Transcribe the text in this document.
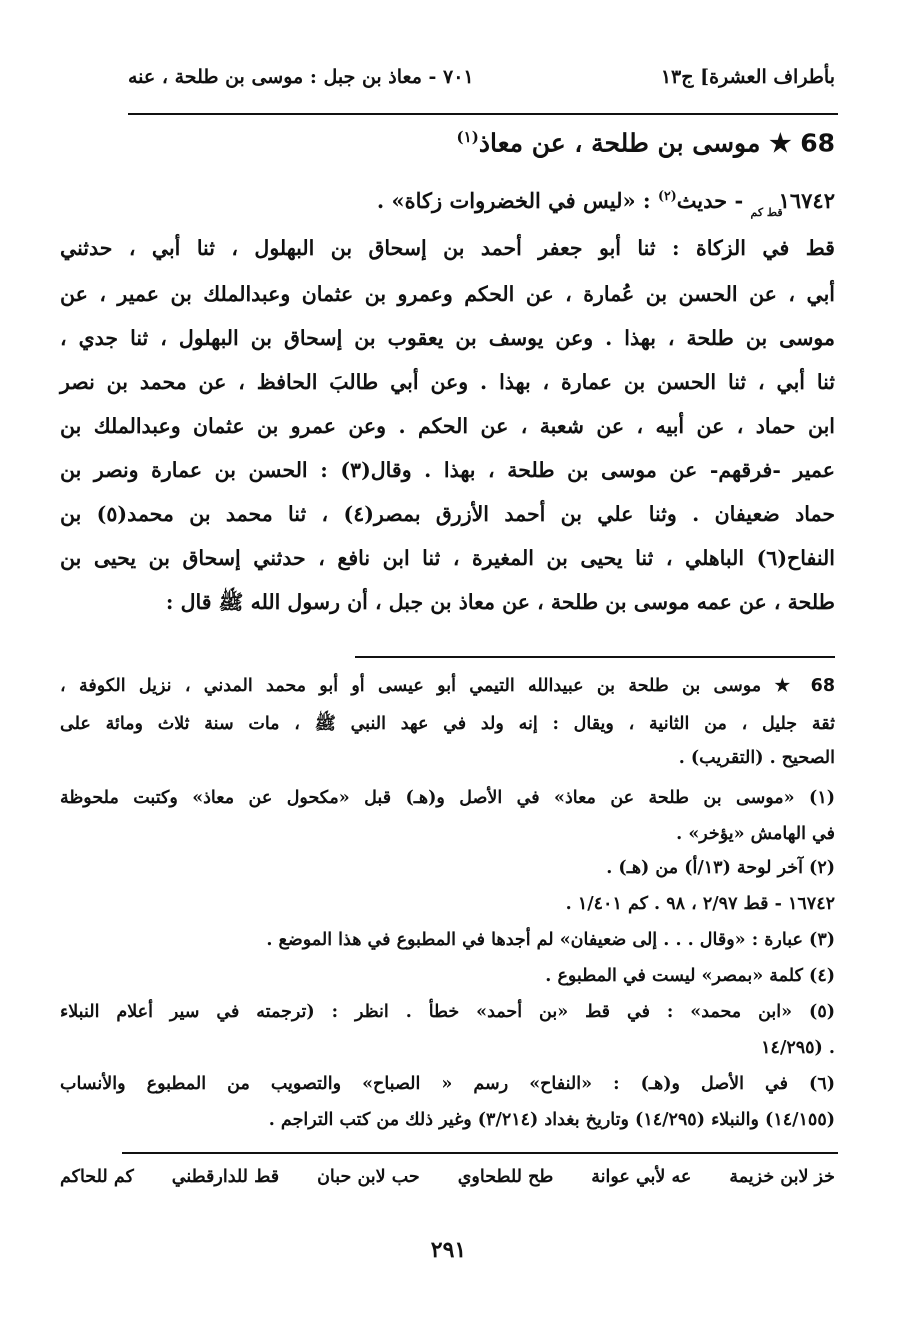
بأطراف العشرة] ج١٣
٧٠١ - معاذ بن جبل : موسى بن طلحة ، عنه
68 ★ موسى بن طلحة ، عن معاذ$^{(١)}$
١٦٧٤٢قط كم - حديث$^{(٢)}$ : «ليس في الخضروات زكاة» .
قط في الزكاة : ثنا أبو جعفر أحمد بن إسحاق بن البهلول ، ثنا أبي ، حدثني
أبي ، عن الحسن بن عُمارة ، عن الحكم وعمرو بن عثمان وعبدالملك بن عمير ، عن
موسى بن طلحة ، بهذا . وعن يوسف بن يعقوب بن إسحاق بن البهلول ، ثنا جدي ،
ثنا أبي ، ثنا الحسن بن عمارة ، بهذا . وعن أبي طالبَ الحافظ ، عن محمد بن نصر
ابن حماد ، عن أبيه ، عن شعبة ، عن الحكم . وعن عمرو بن عثمان وعبدالملك بن
عمير -فرقهم- عن موسى بن طلحة ، بهذا . وقال(٣) : الحسن بن عمارة ونصر بن
حماد ضعيفان . وثنا علي بن أحمد الأزرق بمصر(٤) ، ثنا محمد بن محمد(٥) بن
النفاح(٦) الباهلي ، ثنا يحيى بن المغيرة ، ثنا ابن نافع ، حدثني إسحاق بن يحيى بن
طلحة ، عن عمه موسى بن طلحة ، عن معاذ بن جبل ، أن رسول الله ﷺ قال :
68 ★ موسى بن طلحة بن عبيدالله التيمي أبو عيسى أو أبو محمد المدني ، نزيل الكوفة ،
ثقة جليل ، من الثانية ، ويقال : إنه ولد في عهد النبي ﷺ ، مات سنة ثلاث ومائة على
الصحيح . (التقريب) .
(١) «موسى بن طلحة عن معاذ» في الأصل و(هـ) قبل «مكحول عن معاذ» وكتبت ملحوظة
في الهامش «يؤخر» .
(٢) آخر لوحة (١٣/أ) من (هـ) .
١٦٧٤٢ - قط ٢/٩٧ ، ٩٨ . كم ١/٤٠١ .
(٣) عبارة : «وقال . . . إلى ضعيفان» لم أجدها في المطبوع في هذا الموضع .
(٤) كلمة «بمصر» ليست في المطبوع .
(٥) «ابن محمد» : في قط «بن أحمد» خطأ . انظر : (ترجمته في سير أعلام النبلاء
١٤/٢٩٥) .
(٦) في الأصل و(هـ) : «النفاح» رسم « الصباح» والتصويب من المطبوع والأنساب
(١٤/١٥٥) والنبلاء (١٤/٢٩٥) وتاريخ بغداد (٣/٢١٤) وغير ذلك من كتب التراجم .
خز لابن خزيمة
عه لأبي عوانة
طح للطحاوي
حب لابن حبان
قط للدارقطني
كم للحاكم
٢٩١
